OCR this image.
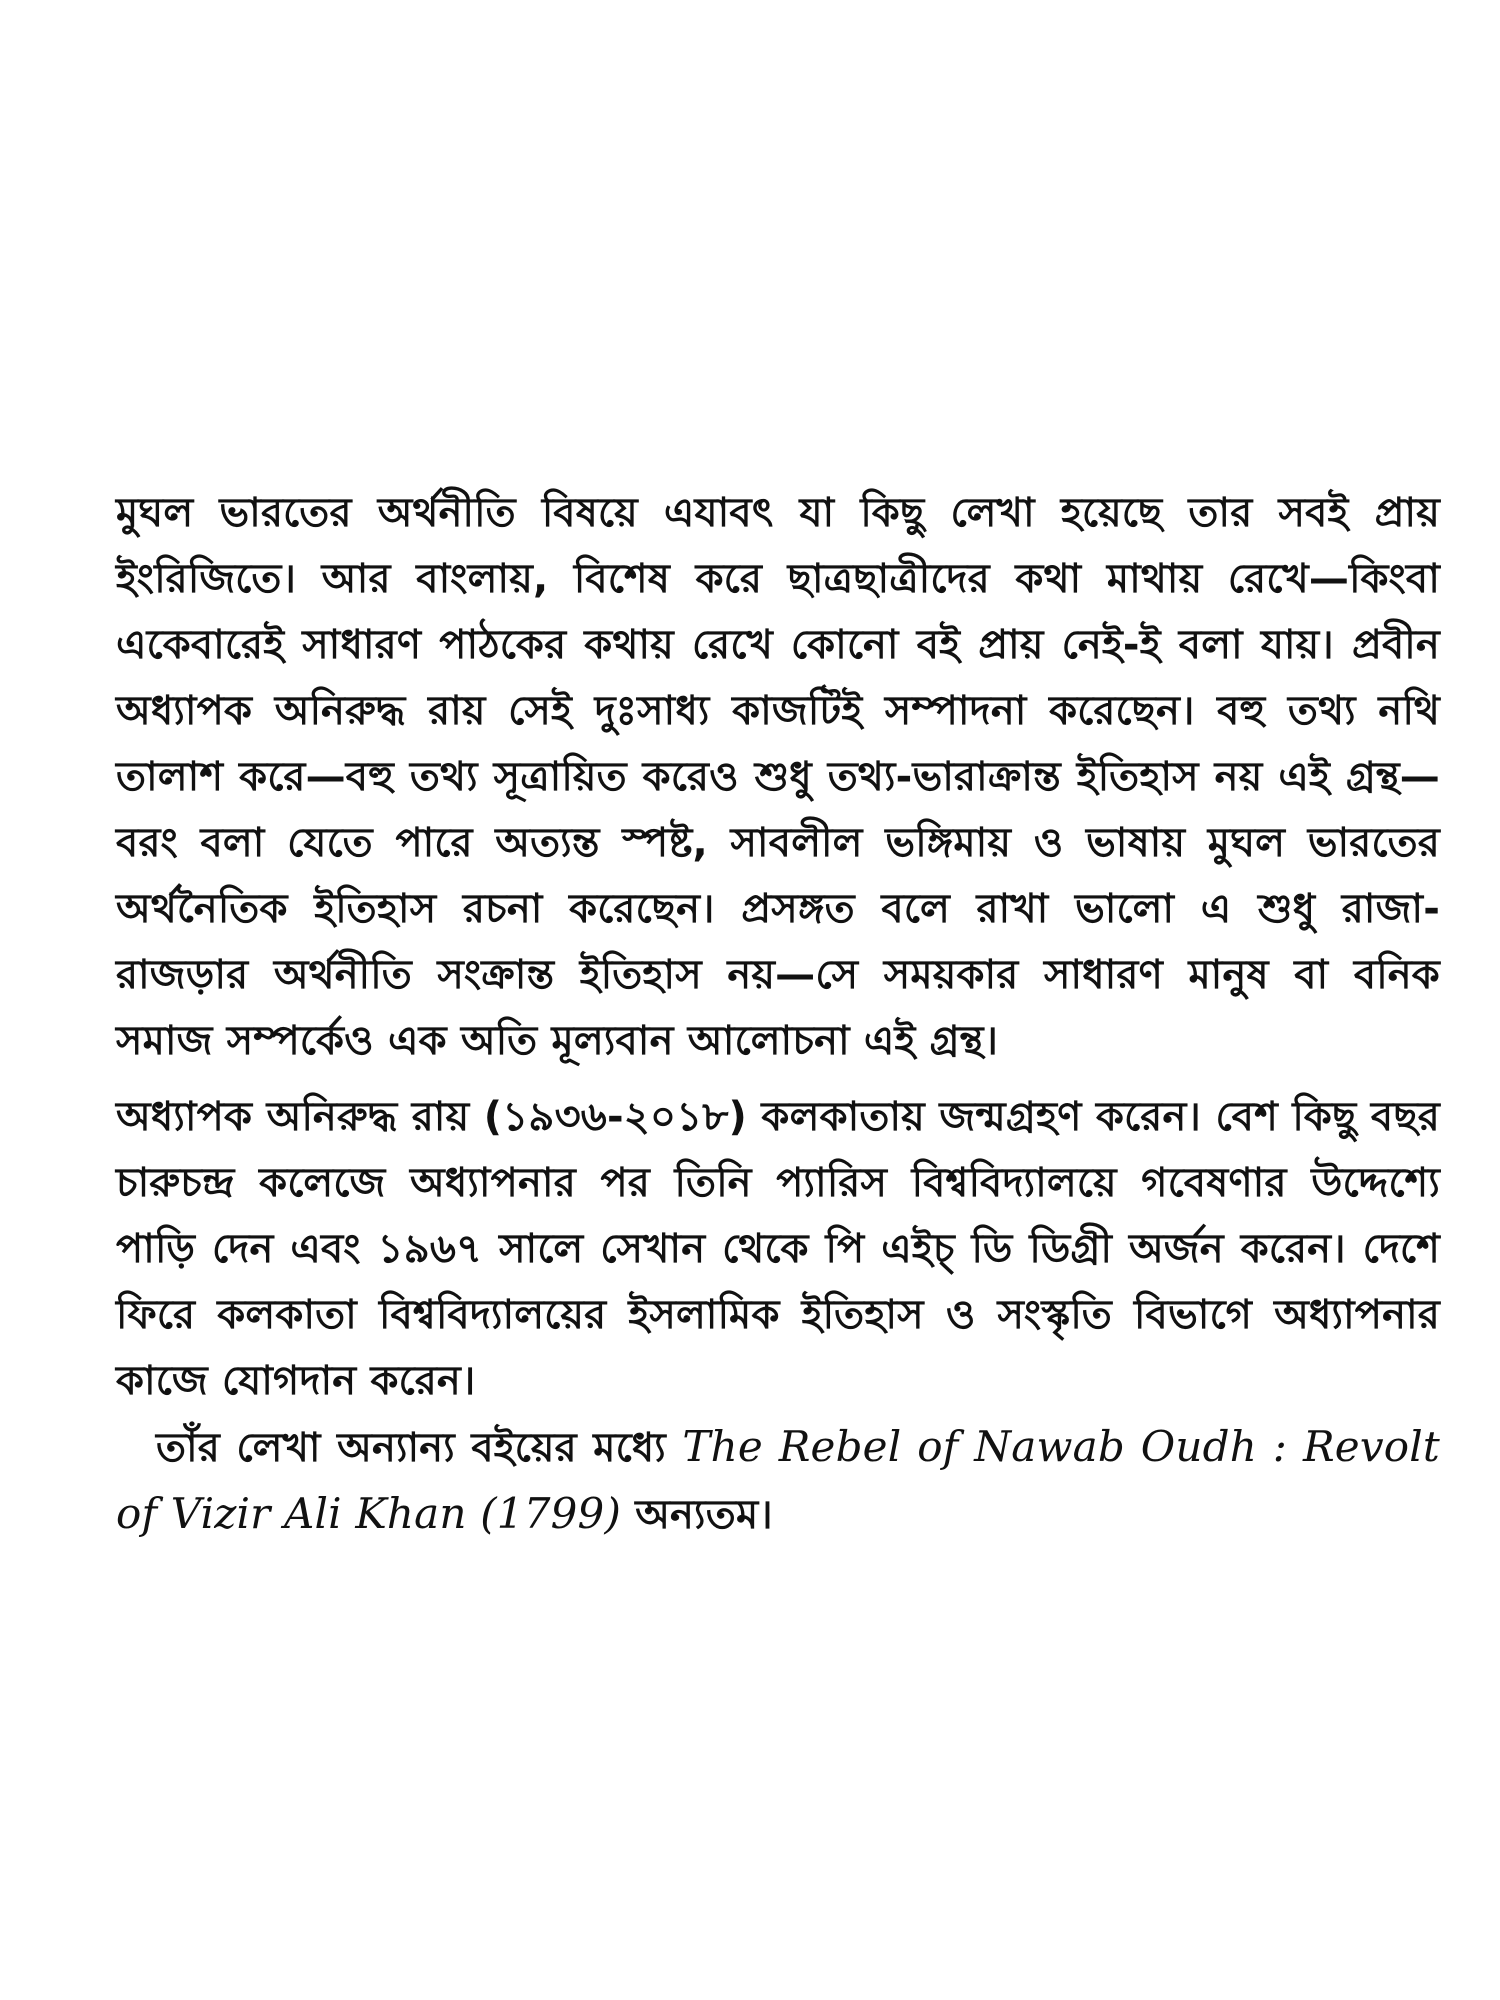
মুঘল ভারতের অর্থনীতি বিষয়ে এযাবৎ যা কিছু লেখা হয়েছে তার সবই প্রায় ইংরিজিতে। আর বাংলায়, বিশেষ করে ছাত্রছাত্রীদের কথা মাথায় রেখে—কিংবা একেবারেই সাধারণ পাঠকের কথায় রেখে কোনো বই প্রায় নেই-ই বলা যায়। প্রবীন অধ্যাপক অনিরুদ্ধ রায় সেই দুঃসাধ্য কাজটিই সম্পাদনা করেছেন। বহু তথ্য নথি তালাশ করে—বহু তথ্য সূত্রায়িত করেও শুধু তথ্য-ভারাক্রান্ত ইতিহাস নয় এই গ্রন্থ—বরং বলা যেতে পারে অত্যন্ত স্পষ্ট, সাবলীল ভঙ্গিমায় ও ভাষায় মুঘল ভারতের অর্থনৈতিক ইতিহাস রচনা করেছেন। প্রসঙ্গত বলে রাখা ভালো এ শুধু রাজা-রাজড়ার অর্থনীতি সংক্রান্ত ইতিহাস নয়—সে সময়কার সাধারণ মানুষ বা বনিক সমাজ সম্পর্কেও এক অতি মূল্যবান আলোচনা এই গ্রন্থ।

অধ্যাপক অনিরুদ্ধ রায় (১৯৩৬-২০১৮) কলকাতায় জন্মগ্রহণ করেন। বেশ কিছু বছর চারুচন্দ্র কলেজে অধ্যাপনার পর তিনি প্যারিস বিশ্ববিদ্যালয়ে গবেষণার উদ্দেশ্যে পাড়ি দেন এবং ১৯৬৭ সালে সেখান থেকে পি এইচ্ ডি ডিগ্রী অর্জন করেন। দেশে ফিরে কলকাতা বিশ্ববিদ্যালয়ের ইসলামিক ইতিহাস ও সংস্কৃতি বিভাগে অধ্যাপনার কাজে যোগদান করেন।

তাঁর লেখা অন্যান্য বইয়ের মধ্যে The Rebel of Nawab Oudh : Revolt of Vizir Ali Khan (1799) অন্যতম।
